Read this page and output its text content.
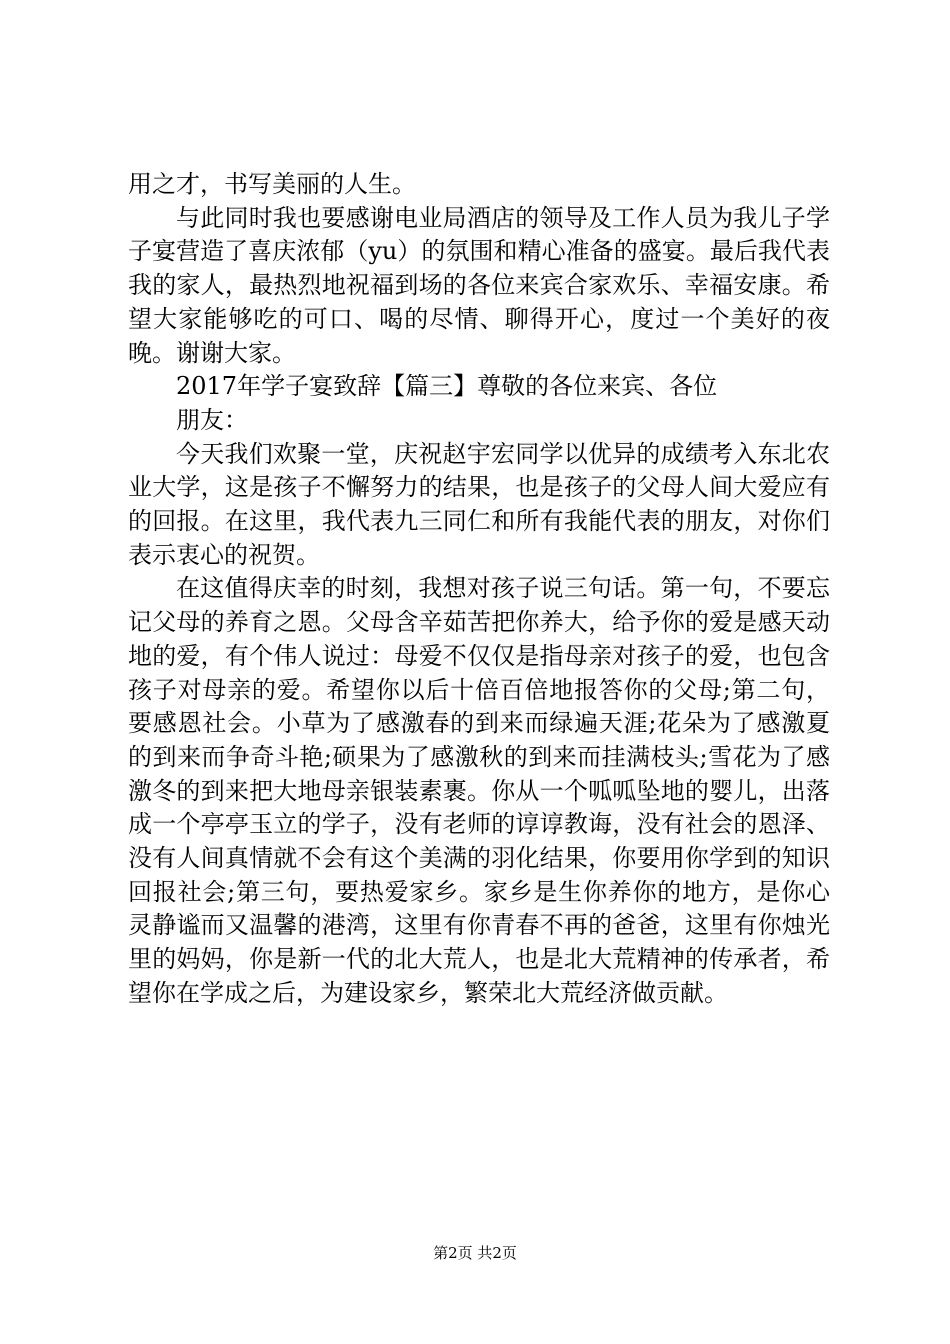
用之才，书写美丽的人生。

与此同时我也要感谢电业局酒店的领导及工作人员为我儿子学子宴营造了喜庆浓郁（yu）的氛围和精心准备的盛宴。最后我代表我的家人，最热烈地祝福到场的各位来宾合家欢乐、幸福安康。希望大家能够吃的可口、喝的尽情、聊得开心，度过一个美好的夜晚。谢谢大家。

2017年学子宴致辞【篇三】尊敬的各位来宾、各位

朋友：

今天我们欢聚一堂，庆祝赵宇宏同学以优异的成绩考入东北农业大学，这是孩子不懈努力的结果，也是孩子的父母人间大爱应有的回报。在这里，我代表九三同仁和所有我能代表的朋友，对你们表示衷心的祝贺。

在这值得庆幸的时刻，我想对孩子说三句话。第一句，不要忘记父母的养育之恩。父母含辛茹苦把你养大，给予你的爱是感天动地的爱，有个伟人说过：母爱不仅仅是指母亲对孩子的爱，也包含孩子对母亲的爱。希望你以后十倍百倍地报答你的父母;第二句，要感恩社会。小草为了感激春的到来而绿遍天涯;花朵为了感激夏的到来而争奇斗艳;硕果为了感激秋的到来而挂满枝头;雪花为了感激冬的到来把大地母亲银装素裹。你从一个呱呱坠地的婴儿，出落成一个亭亭玉立的学子，没有老师的谆谆教诲，没有社会的恩泽、没有人间真情就不会有这个美满的羽化结果，你要用你学到的知识回报社会;第三句，要热爱家乡。家乡是生你养你的地方，是你心灵静谧而又温馨的港湾，这里有你青春不再的爸爸，这里有你烛光里的妈妈，你是新一代的北大荒人，也是北大荒精神的传承者，希望你在学成之后，为建设家乡，繁荣北大荒经济做贡献。

第2页 共2页
